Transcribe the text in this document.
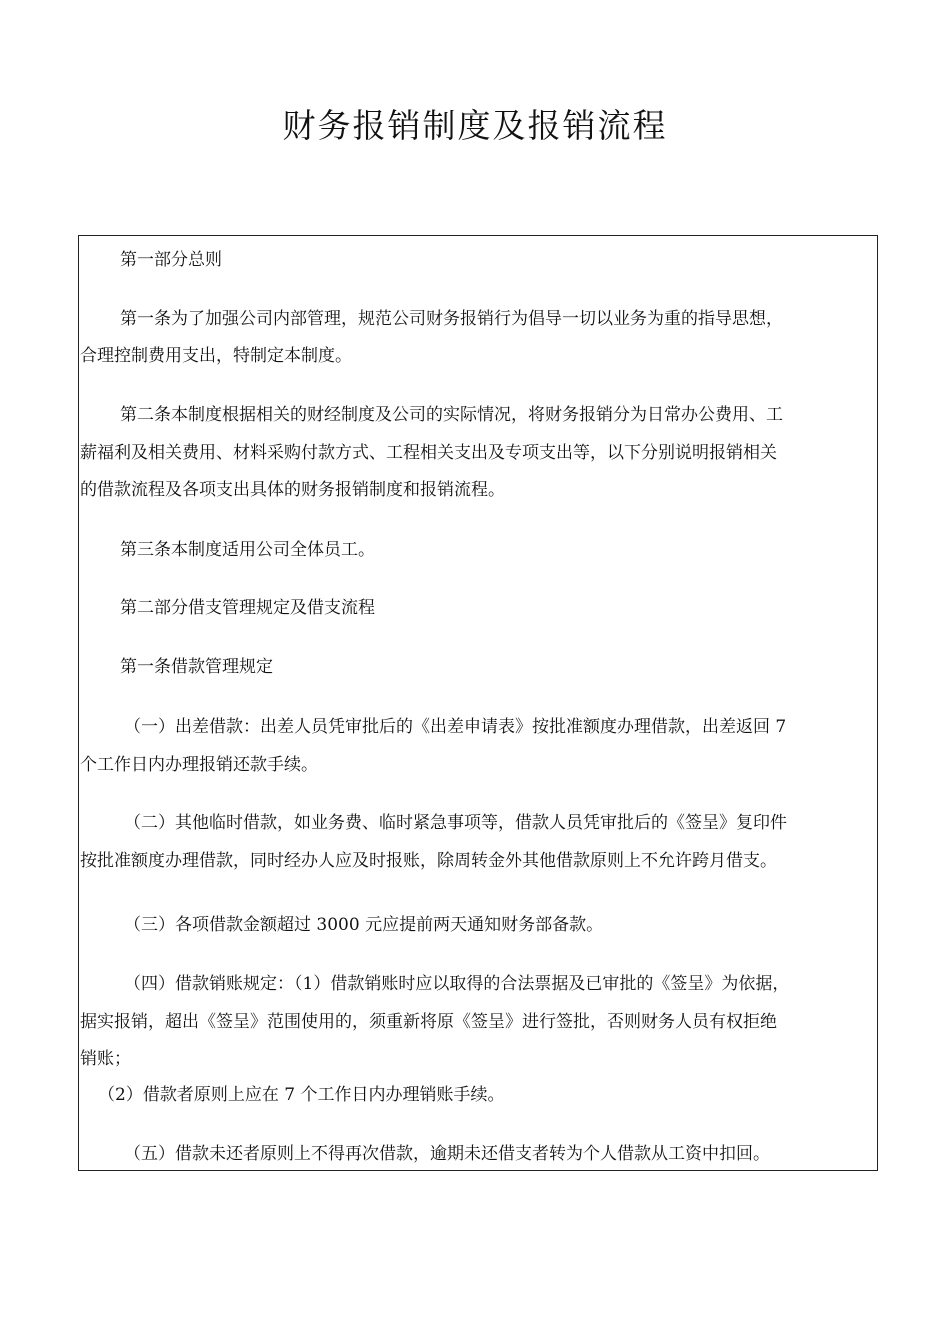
财务报销制度及报销流程

第一部分总则

第一条为了加强公司内部管理，规范公司财务报销行为倡导一切以业务为重的指导思想，

合理控制费用支出，特制定本制度。

第二条本制度根据相关的财经制度及公司的实际情况，将财务报销分为日常办公费用、工

薪福利及相关费用、材料采购付款方式、工程相关支出及专项支出等，以下分别说明报销相关

的借款流程及各项支出具体的财务报销制度和报销流程。

第三条本制度适用公司全体员工。

第二部分借支管理规定及借支流程

第一条借款管理规定

（一）出差借款：出差人员凭审批后的《出差申请表》按批准额度办理借款，出差返回 7

个工作日内办理报销还款手续。

（二）其他临时借款，如业务费、临时紧急事项等，借款人员凭审批后的《签呈》复印件

按批准额度办理借款，同时经办人应及时报账，除周转金外其他借款原则上不允许跨月借支。

（三）各项借款金额超过 3000 元应提前两天通知财务部备款。

（四）借款销账规定：（1）借款销账时应以取得的合法票据及已审批的《签呈》为依据，

据实报销，超出《签呈》范围使用的，须重新将原《签呈》进行签批，否则财务人员有权拒绝

销账；

（2）借款者原则上应在 7 个工作日内办理销账手续。

（五）借款未还者原则上不得再次借款，逾期未还借支者转为个人借款从工资中扣回。
